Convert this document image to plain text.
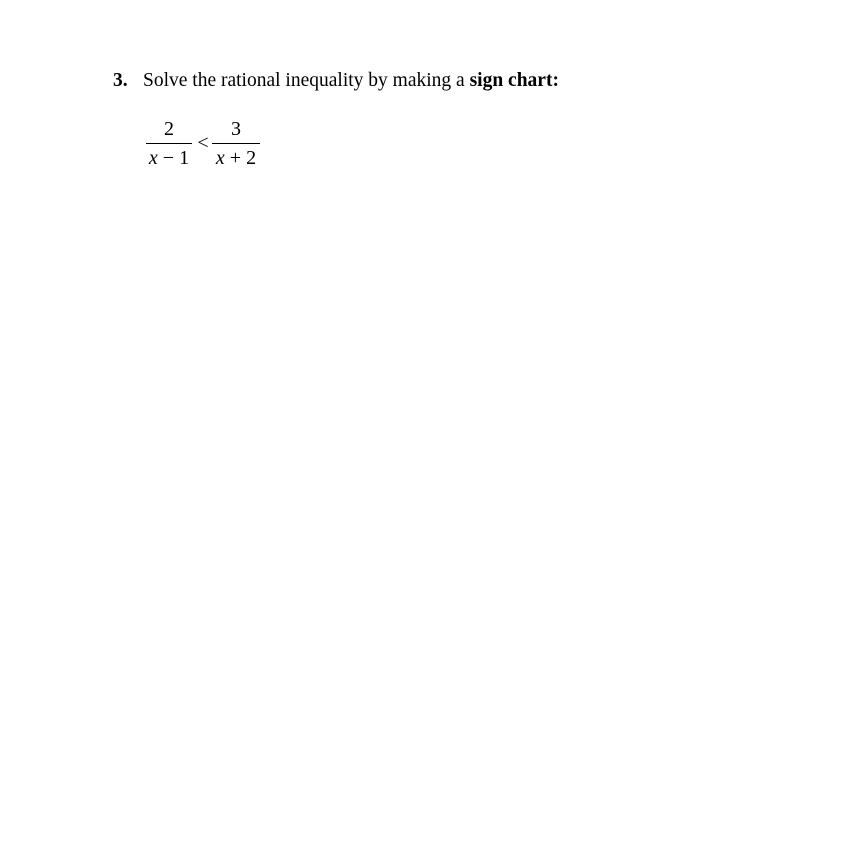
3. Solve the rational inequality by making a sign chart:
2
x − 1
<
3
x + 2
